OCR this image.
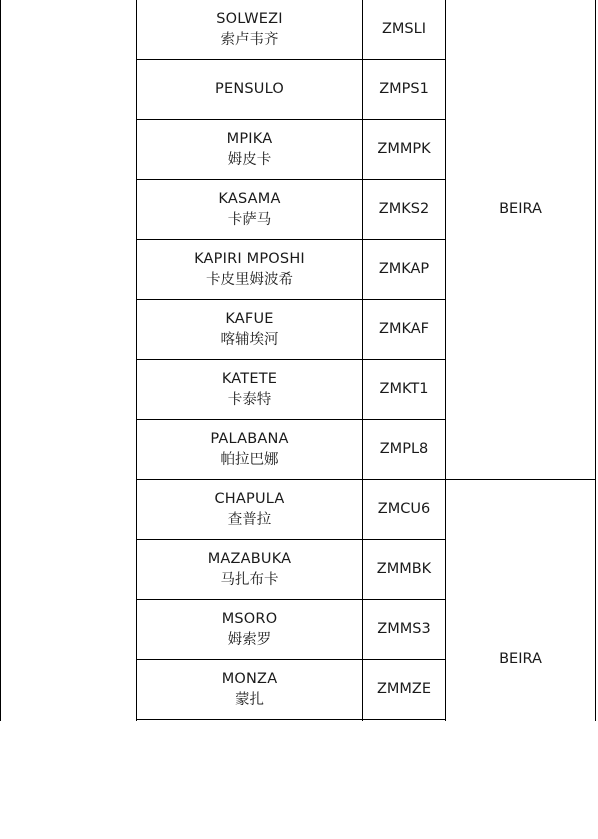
SOLWEZI
索卢韦齐
ZMSLI
PENSULO	ZMPS1
MPIKA
姆皮卡
ZMMPK
KASAMA
卡萨马
ZMKS2
KAPIRI MPOSHI
卡皮里姆波希
ZMKAP
KAFUE
喀辅埃河
ZMKAF
KATETE
卡泰特
ZMKT1
PALABANA
帕拉巴娜
ZMPL8
CHAPULA
查普拉
ZMCU6
MAZABUKA
马扎布卡
ZMMBK
MSORO
姆索罗
ZMMS3
MONZA
蒙扎
ZMMZE
BEIRA
BEIRA
